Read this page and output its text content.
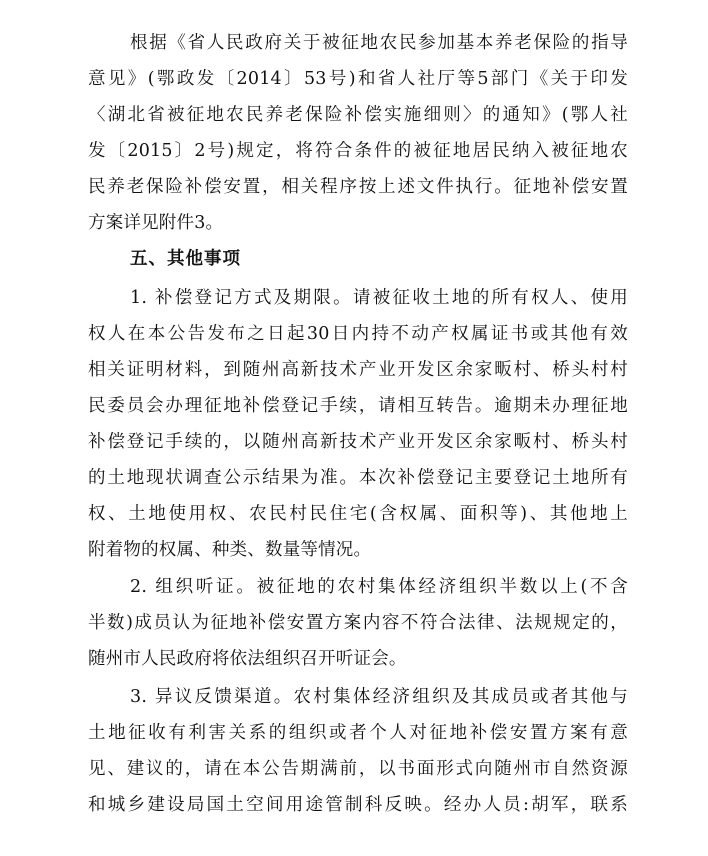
根据《省人民政府关于被征地农民参加基本养老保险的指导
意见》(鄂政发〔2014〕53号)和省人社厅等5部门《关于印发
〈湖北省被征地农民养老保险补偿实施细则〉的通知》(鄂人社
发〔2015〕2号)规定，将符合条件的被征地居民纳入被征地农
民养老保险补偿安置，相关程序按上述文件执行。征地补偿安置
方案详见附件3。
五、其他事项
1. 补偿登记方式及期限。请被征收土地的所有权人、使用
权人在本公告发布之日起30日内持不动产权属证书或其他有效
相关证明材料，到随州高新技术产业开发区余家畈村、桥头村村
民委员会办理征地补偿登记手续，请相互转告。逾期未办理征地
补偿登记手续的，以随州高新技术产业开发区余家畈村、桥头村
的土地现状调查公示结果为准。本次补偿登记主要登记土地所有
权、土地使用权、农民村民住宅(含权属、面积等)、其他地上
附着物的权属、种类、数量等情况。
2. 组织听证。被征地的农村集体经济组织半数以上(不含
半数)成员认为征地补偿安置方案内容不符合法律、法规规定的，
随州市人民政府将依法组织召开听证会。
3. 异议反馈渠道。农村集体经济组织及其成员或者其他与
土地征收有利害关系的组织或者个人对征地补偿安置方案有意
见、建议的，请在本公告期满前，以书面形式向随州市自然资源
和城乡建设局国土空间用途管制科反映。经办人员:胡军，联系
